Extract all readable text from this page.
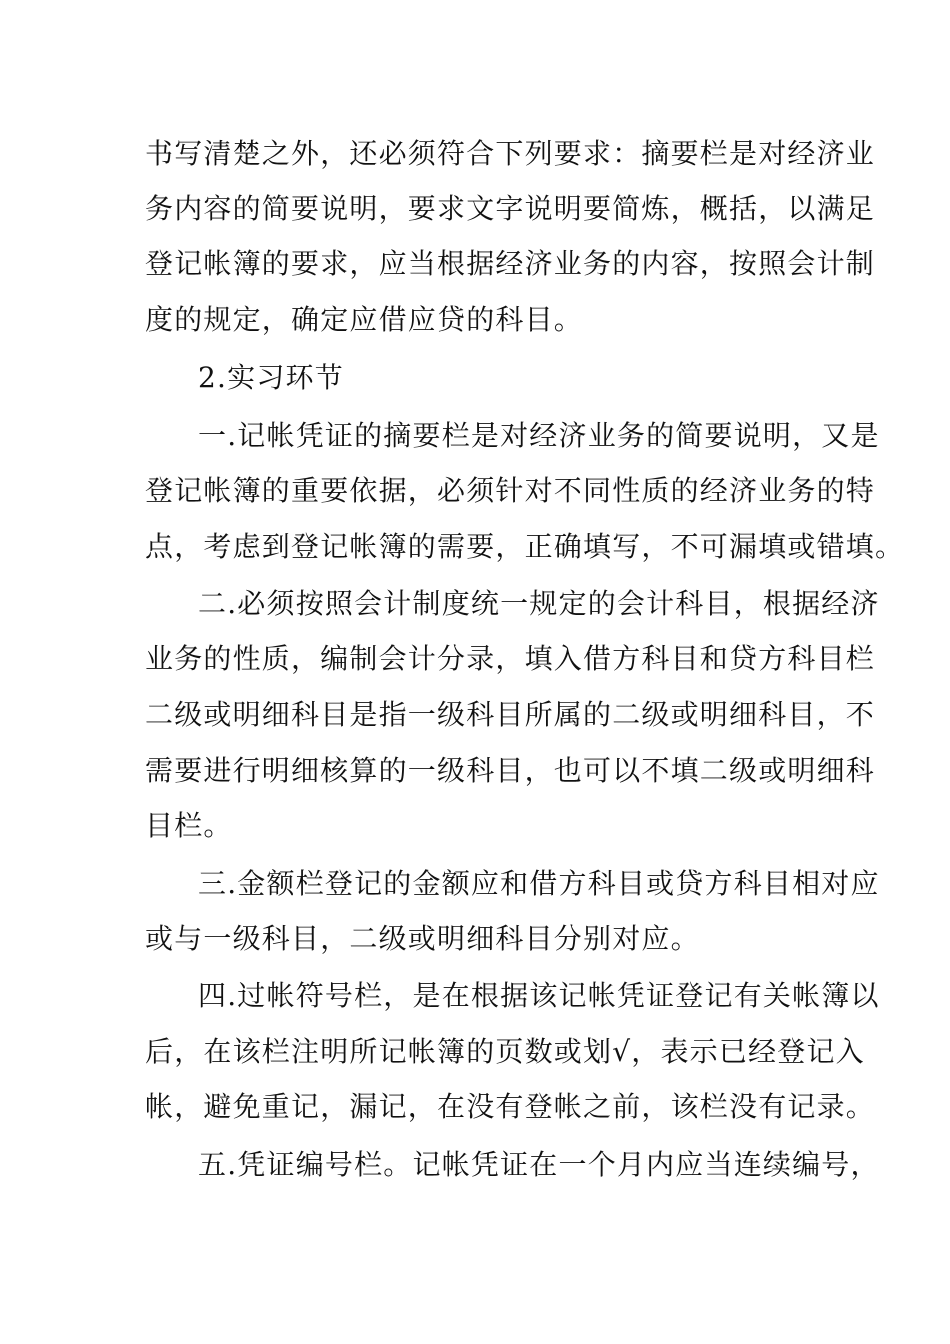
书写清楚之外，还必须符合下列要求：摘要栏是对经济业
务内容的简要说明，要求文字说明要简炼，概括，以满足
登记帐簿的要求，应当根据经济业务的内容，按照会计制
度的规定，确定应借应贷的科目。
2.实习环节
一.记帐凭证的摘要栏是对经济业务的简要说明，又是
登记帐簿的重要依据，必须针对不同性质的经济业务的特
点，考虑到登记帐簿的需要，正确填写，不可漏填或错填。
二.必须按照会计制度统一规定的会计科目，根据经济
业务的性质，编制会计分录，填入借方科目和贷方科目栏
二级或明细科目是指一级科目所属的二级或明细科目，不
需要进行明细核算的一级科目，也可以不填二级或明细科
目栏。
三.金额栏登记的金额应和借方科目或贷方科目相对应
或与一级科目，二级或明细科目分别对应。
四.过帐符号栏，是在根据该记帐凭证登记有关帐簿以
后，在该栏注明所记帐簿的页数或划√，表示已经登记入
帐，避免重记，漏记，在没有登帐之前，该栏没有记录。
五.凭证编号栏。记帐凭证在一个月内应当连续编号，
